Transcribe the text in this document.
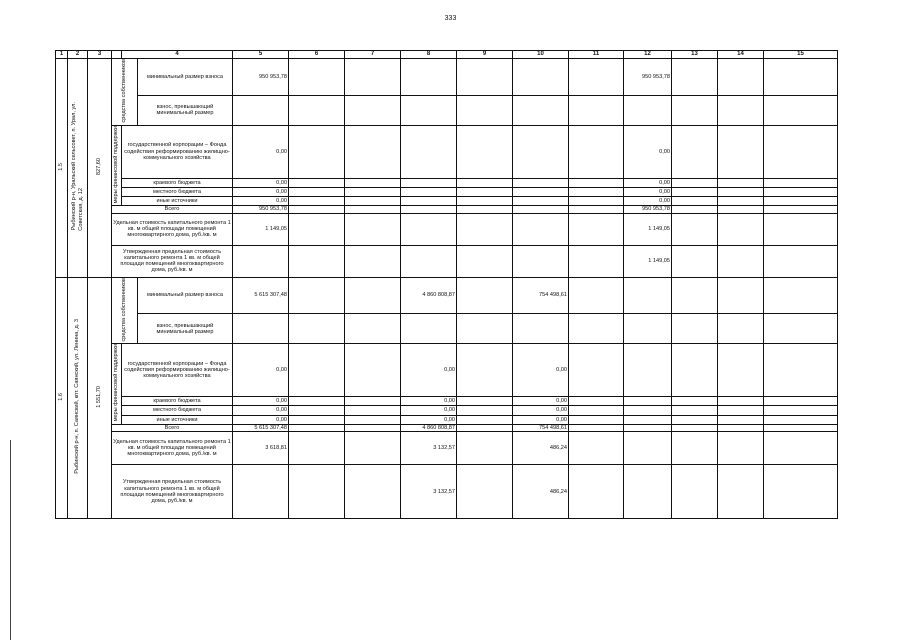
333
1	2	3		4		5	6	7	8	9	10	11	12	13	14	15
1.5	Рыбинский р-н, Уральский сельсовет, п. Урал, ул.Советская, д. 12	827,60	средства собственников		минимальный размер взноса	950 953,78							950 953,78			
					взнос, превышающий минимальный размер											
			меры финансовой поддержки	государственной корпорации – Фонда содействия реформированию жилищно-коммунального хозяйства		0,00							0,00			
				краевого бюджета		0,00							0,00			
				местного бюджета		0,00							0,00			
				иные источники		0,00							0,00			
			Всего			950 953,78							950 953,78			
			Удельная стоимость капитального ремонта 1 кв. м общей площади помещений многоквартирного дома, руб./кв. м			1 149,05							1 149,05			
			Утвержденная предельная стоимость капитального ремонта 1 кв. м общей площади помещений многоквартирного дома, руб./кв. м										1 149,05			
1.6	Рыбинский р-н, п. Саянский, кпт. Саянский, ул. Ленина, д. 3	1 551,70	средства собственников		минимальный размер взноса	5 615 307,48			4 860 808,87		754 498,61					
					взнос, превышающий минимальный размер											
			меры финансовой поддержки	государственной корпорации – Фонда содействия реформированию жилищно-коммунального хозяйства		0,00			0,00		0,00					
				краевого бюджета		0,00			0,00		0,00					
				местного бюджета		0,00			0,00		0,00					
				иные источники		0,00			0,00		0,00					
			Всего			5 615 307,48			4 860 808,87		754 498,61					
			Удельная стоимость капитального ремонта 1 кв. м общей площади помещений многоквартирного дома, руб./кв. м			3 618,81			3 132,57		486,24					
			Утвержденная предельная стоимость капитального ремонта 1 кв. м общей площади помещений многоквартирного дома, руб./кв. м						3 132,57		486,24					
